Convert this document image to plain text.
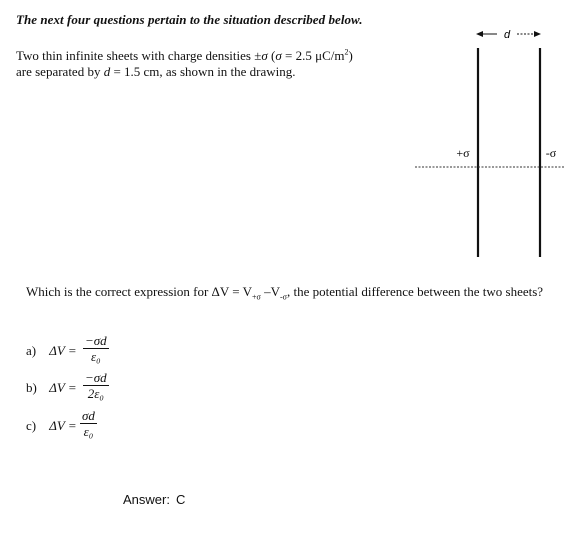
The next four questions pertain to the situation described below.
Two thin infinite sheets with charge densities ±σ (σ = 2.5 $\mu C/m^2$)
are separated by d = 1.5 cm, as shown in the drawing.
d
+σ	-σ
Which is the correct expression for $\Delta V = V_{+\sigma}$ $-V_{-\sigma}$, the potential difference between the two sheets?
a) $\Delta V = \frac{-\sigma d}{\text{ε₀}}$
b) $\Delta V = \frac{-\sigma d}{\text{2ε₀}}$
c) $\Delta V = \frac{\sigma d}{\text{ε₀}}$
Answer: C
